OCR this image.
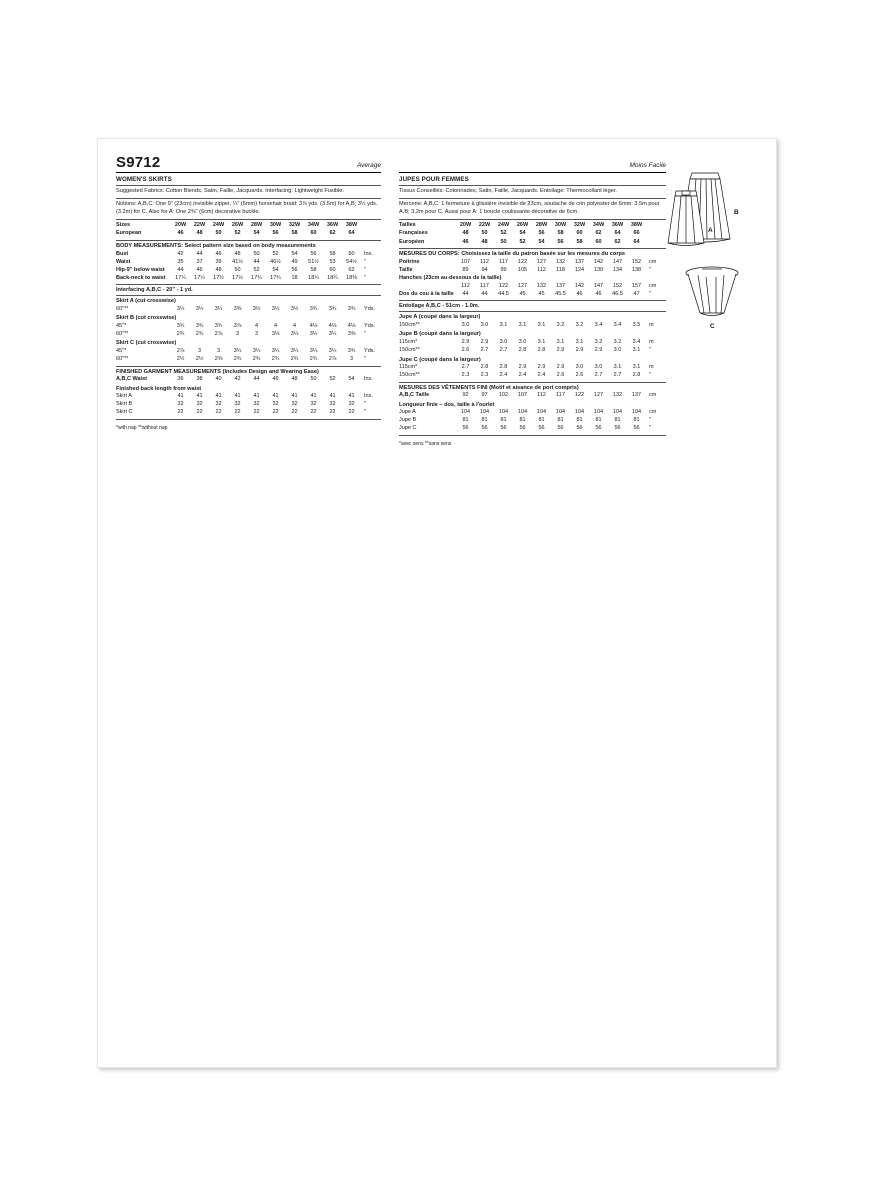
S9712	Average
WOMEN'S SKIRTS
Suggested Fabrics: Cotton Blends, Satin, Faille, Jacquards. Interfacing: Lightweight Fusible.
Notions: A,B,C: One 9" (23cm) invisible zipper, ¼" (6mm) horsehair braid: 3⅞ yds. (3.5m) for A,B; 3½ yds. (3.2m) for C. Also for A: One 2⅜" (6cm) decorative buckle.
Sizes	20W	22W	24W	26W	28W	30W	32W	34W	36W	38W	
European	46	48	50	52	54	56	58	60	62	64	
BODY MEASUREMENTS: Select pattern size based on body measurements
Bust	42	44	46	48	50	52	54	56	58	60	Ins.
Waist	35	37	39	41½	44	46½	49	51½	53	54½	"
Hip-9" below waist	44	46	48	50	52	54	56	58	60	62	"
Back-neck to waist	17¼	17¼	17½	17½	17¾	17¾	18	18¼	18¼	18⅜	"
Interfacing A,B,C - 20" - 1 yd.
Skirt A (cut crosswise)
60"**	3¼	3¼	3¼	3⅜	3½	3½	3½	3¾	3¾	3¾	Yds.
Skirt B (cut crosswise)
45"*	3¾	3¾	3¾	3⅞	4	4	4	4⅛	4⅛	4⅛	Yds.
60"**	2¾	2¾	2⅞	3	3	3⅛	3¼	3¼	3¼	3⅜	"
Skirt C (cut crosswise)
45"*	2⅞	3	3	3¼	3¼	3¼	3¼	3¼	3¼	3¾	Yds.
60"**	2½	2½	2⅝	2¾	2¾	2¾	2¾	2¾	2⅞	3	"
FINISHED GARMENT MEASUREMENTS (Includes Design and Wearing Ease)
A,B,C Waist	36	38	40	42	44	46	48	50	52	54	Ins.
Finished back length from waist
Skirt A	41	41	41	41	41	41	41	41	41	41	Ins.
Skirt B	32	32	32	32	32	32	32	32	32	32	"
Skirt C	22	22	22	22	22	22	22	22	22	22	"
*with nap **without nap
Moins Facile
JUPES POUR FEMMES
Tissus Conseillés: Cotonnades, Satin, Faille, Jacquards. Entoilage: Thermocollant léger.
Mercerie: A,B,C: 1 fermeture à glissière invisible de 23cm, soutache de crin polyester de 6mm: 3.5m pour A,B; 3.2m pour C. Aussi pour A: 1 boucle coulissante décorative de 6cm.
Tailles	20W	22W	24W	26W	28W	30W	32W	34W	36W	38W	
Françaises	48	50	52	54	56	58	60	62	64	66	
Européen	46	48	50	52	54	56	58	60	62	64	
MESURES DU CORPS: Choisissez la taille du patron basée sur les mesures du corps
Poitrine	107	112	117	122	127	132	137	142	147	152	cm
Taille	89	94	99	105	112	118	124	130	134	138	"
Hanches (23cm au-dessous de la taille)											
	112	117	122	127	132	137	142	147	152	157	cm
Dos du cou à la taille	44	44	44.5	45	45	45.5	46	46	46.5	47	"
Entoilage A,B,C - 51cm - 1.0m.
Jupe A (coupé dans la largeur)
150cm**	3.0	3.0	3.1	3.1	3.1	3.2	3.2	3.4	3.4	3.5	m
Jupe B (coupé dans la largeur)
115cm*	2.9	2.9	3.0	3.0	3.1	3.1	3.1	3.2	3.2	3.4	m
150cm**	2.6	2.7	2.7	2.8	2.8	2.9	2.9	2.9	3.0	3.1	"
Jupe C (coupé dans la largeur)
115cm*	2.7	2.8	2.8	2.9	2.9	2.9	3.0	3.0	3.1	3.1	m
150cm**	2.3	2.3	2.4	2.4	2.4	2.6	2.6	2.7	2.7	2.8	"
MESURES DES VÊTEMENTS FINI (Motif et aisance de port compris)
A,B,C Taille	92	97	102	107	112	117	122	127	132	137	cm
Longueur finie – dos, taille à l'ourlet
Jupe A	104	104	104	104	104	104	104	104	104	104	cm
Jupe B	81	81	81	81	81	81	81	81	81	81	"
Jupe C	56	56	56	56	56	56	56	56	56	56	"
*avec sens **sans sens
B
A
C
